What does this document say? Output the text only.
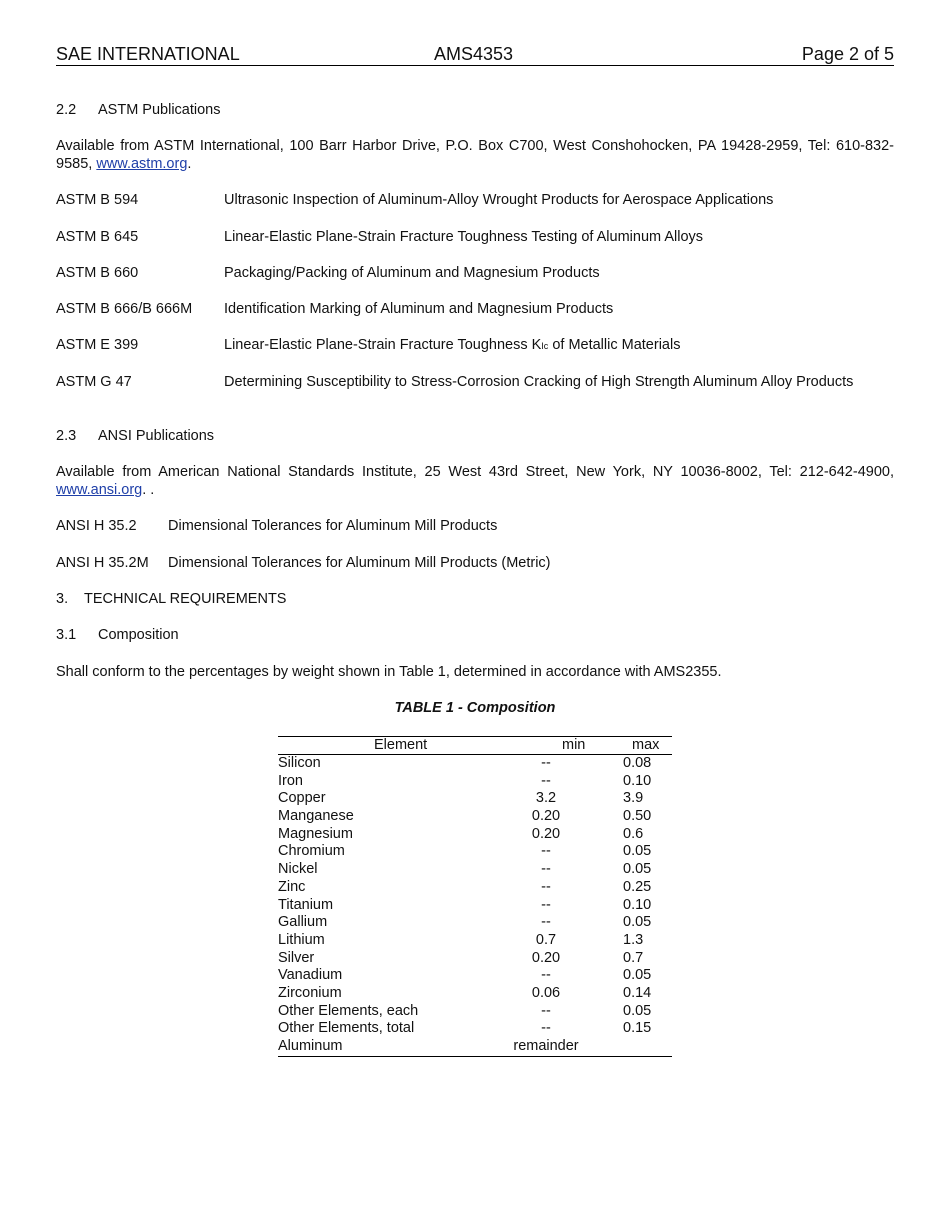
SAE INTERNATIONAL	AMS4353	Page 2 of 5
2.2 ASTM Publications
Available from ASTM International, 100 Barr Harbor Drive, P.O. Box C700, West Conshohocken, PA 19428-2959, Tel: 610-832-9585, www.astm.org.
ASTM B 594	Ultrasonic Inspection of Aluminum-Alloy Wrought Products for Aerospace Applications
ASTM B 645	Linear-Elastic Plane-Strain Fracture Toughness Testing of Aluminum Alloys
ASTM B 660	Packaging/Packing of Aluminum and Magnesium Products
ASTM B 666/B 666M Identification Marking of Aluminum and Magnesium Products
ASTM E 399	Linear-Elastic Plane-Strain Fracture Toughness KIc of Metallic Materials
ASTM G 47	Determining Susceptibility to Stress-Corrosion Cracking of High Strength Aluminum Alloy Products
2.3 ANSI Publications
Available from American National Standards Institute, 25 West 43rd Street, New York, NY 10036-8002, Tel: 212-642-4900, www.ansi.org. .
ANSI H 35.2 Dimensional Tolerances for Aluminum Mill Products
ANSI H 35.2M Dimensional Tolerances for Aluminum Mill Products (Metric)
3. TECHNICAL REQUIREMENTS
3.1 Composition
Shall conform to the percentages by weight shown in Table 1, determined in accordance with AMS2355.
TABLE 1 - Composition
Element	min	max
Silicon	--	0.08
Iron	--	0.10
Copper	3.2	3.9
Manganese	0.20	0.50
Magnesium	0.20	0.6
Chromium	--	0.05
Nickel	--	0.05
Zinc	--	0.25
Titanium	--	0.10
Gallium	--	0.05
Lithium	0.7	1.3
Silver	0.20	0.7
Vanadium	--	0.05
Zirconium	0.06	0.14
Other Elements, each	--	0.05
Other Elements, total	--	0.15
Aluminum	remainder
